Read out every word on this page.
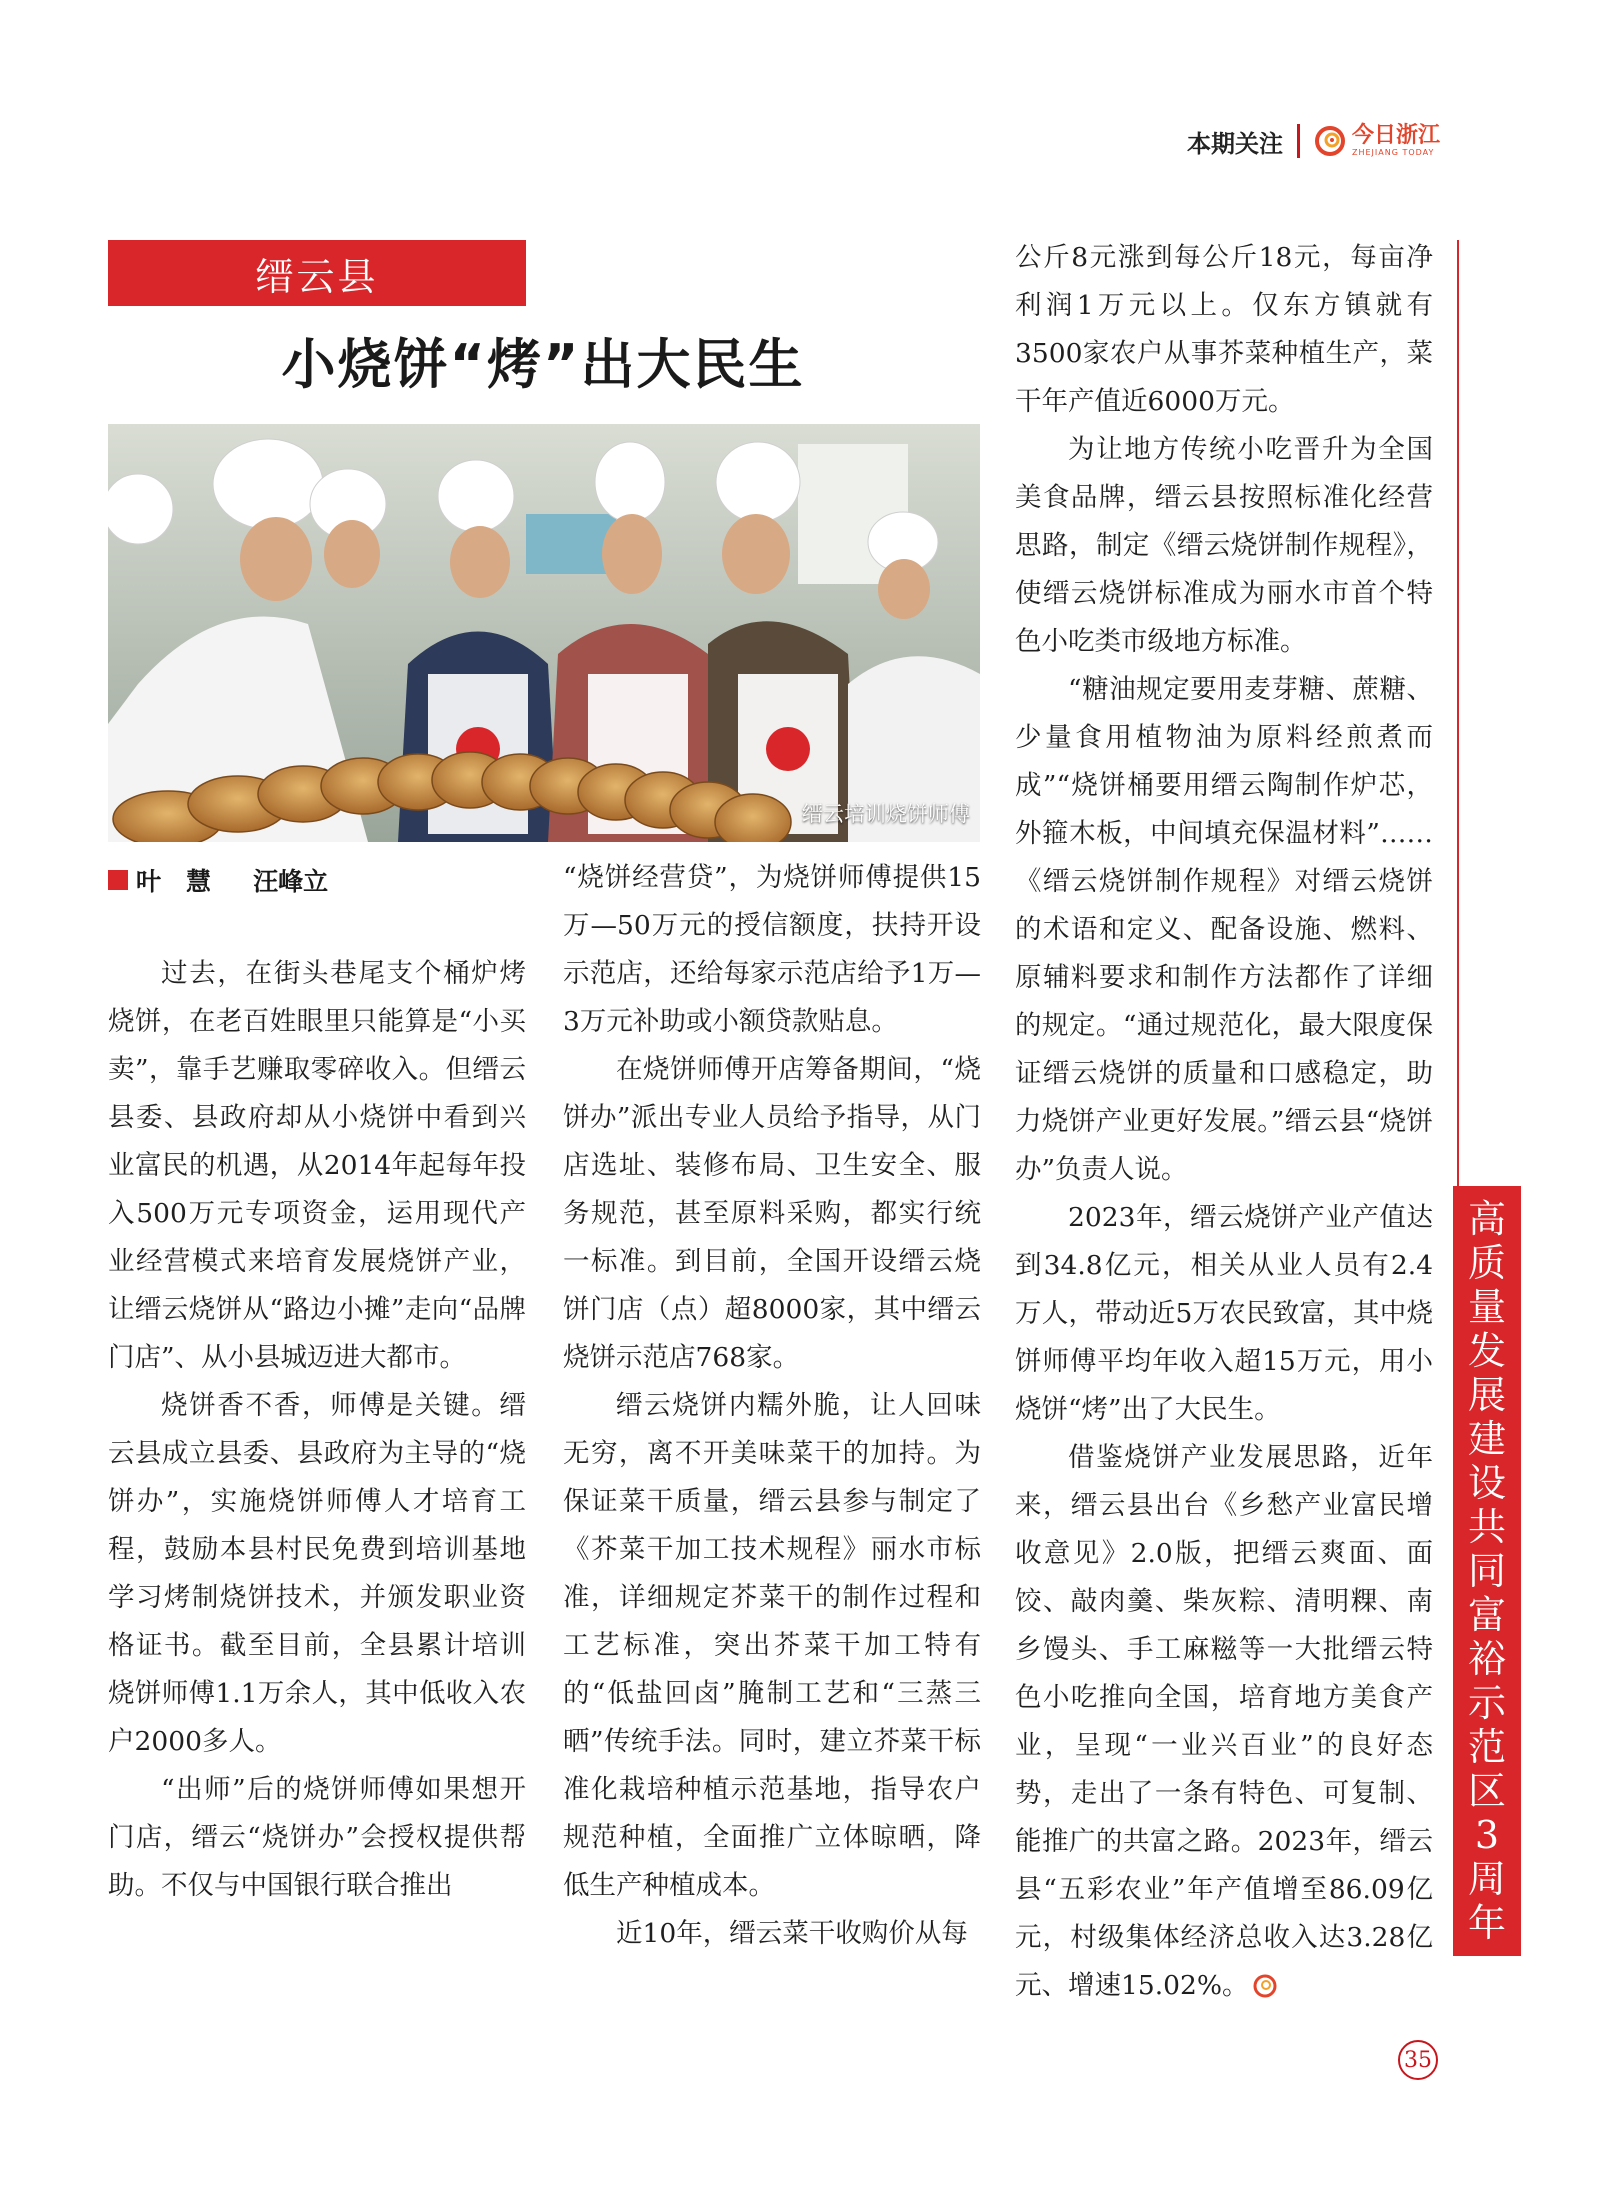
本期关注	今日浙江
ZHEJIANG TODAY
缙云县
小烧饼“烤”出大民生
缙云培训烧饼师傅
叶　慧
汪峰立

过去，在街头巷尾支个桶炉烤烧饼，在老百姓眼里只能算是“小买卖”，靠手艺赚取零碎收入。但缙云县委、县政府却从小烧饼中看到兴业富民的机遇，从2014年起每年投入500万元专项资金，运用现代产业经营模式来培育发展烧饼产业，让缙云烧饼从“路边小摊”走向“品牌门店”、从小县城迈进大都市。

烧饼香不香，师傅是关键。缙云县成立县委、县政府为主导的“烧饼办”，实施烧饼师傅人才培育工程，鼓励本县村民免费到培训基地学习烤制烧饼技术，并颁发职业资格证书。截至目前，全县累计培训烧饼师傅1.1万余人，其中低收入农户2000多人。

“出师”后的烧饼师傅如果想开门店，缙云“烧饼办”会授权提供帮助。不仅与中国银行联合推出

“烧饼经营贷”，为烧饼师傅提供15万—50万元的授信额度，扶持开设示范店，还给每家示范店给予1万—3万元补助或小额贷款贴息。

在烧饼师傅开店筹备期间，“烧饼办”派出专业人员给予指导，从门店选址、装修布局、卫生安全、服务规范，甚至原料采购，都实行统一标准。到目前，全国开设缙云烧饼门店（点）超8000家，其中缙云烧饼示范店768家。

缙云烧饼内糯外脆，让人回味无穷，离不开美味菜干的加持。为保证菜干质量，缙云县参与制定了《芥菜干加工技术规程》丽水市标准，详细规定芥菜干的制作过程和工艺标准，突出芥菜干加工特有的“低盐回卤”腌制工艺和“三蒸三晒”传统手法。同时，建立芥菜干标准化栽培种植示范基地，指导农户规范种植，全面推广立体晾晒，降低生产种植成本。

近10年，缙云菜干收购价从每

公斤8元涨到每公斤18元，每亩净利润1万元以上。仅东方镇就有3500家农户从事芥菜种植生产，菜干年产值近6000万元。

为让地方传统小吃晋升为全国美食品牌，缙云县按照标准化经营思路，制定《缙云烧饼制作规程》，使缙云烧饼标准成为丽水市首个特色小吃类市级地方标准。

“糖油规定要用麦芽糖、蔗糖、少量食用植物油为原料经煎煮而成”“烧饼桶要用缙云陶制作炉芯，外箍木板，中间填充保温材料”……《缙云烧饼制作规程》对缙云烧饼的术语和定义、配备设施、燃料、原辅料要求和制作方法都作了详细的规定。“通过规范化，最大限度保证缙云烧饼的质量和口感稳定，助力烧饼产业更好发展。”缙云县“烧饼办”负责人说。

2023年，缙云烧饼产业产值达到34.8亿元，相关从业人员有2.4万人，带动近5万农民致富，其中烧饼师傅平均年收入超15万元，用小烧饼“烤”出了大民生。

借鉴烧饼产业发展思路，近年来，缙云县出台《乡愁产业富民增收意见》2.0版，把缙云爽面、面饺、敲肉羹、柴灰粽、清明粿、南乡馒头、手工麻糍等一大批缙云特色小吃推向全国，培育地方美食产业，呈现“一业兴百业”的良好态势，走出了一条有特色、可复制、能推广的共富之路。2023年，缙云县“五彩农业”年产值增至86.09亿元，村级集体经济总收入达3.28亿元、增速15.02%。

高
质
量
发
展
建
设
共
同
富
裕
示
范
区
3
周
年
35
